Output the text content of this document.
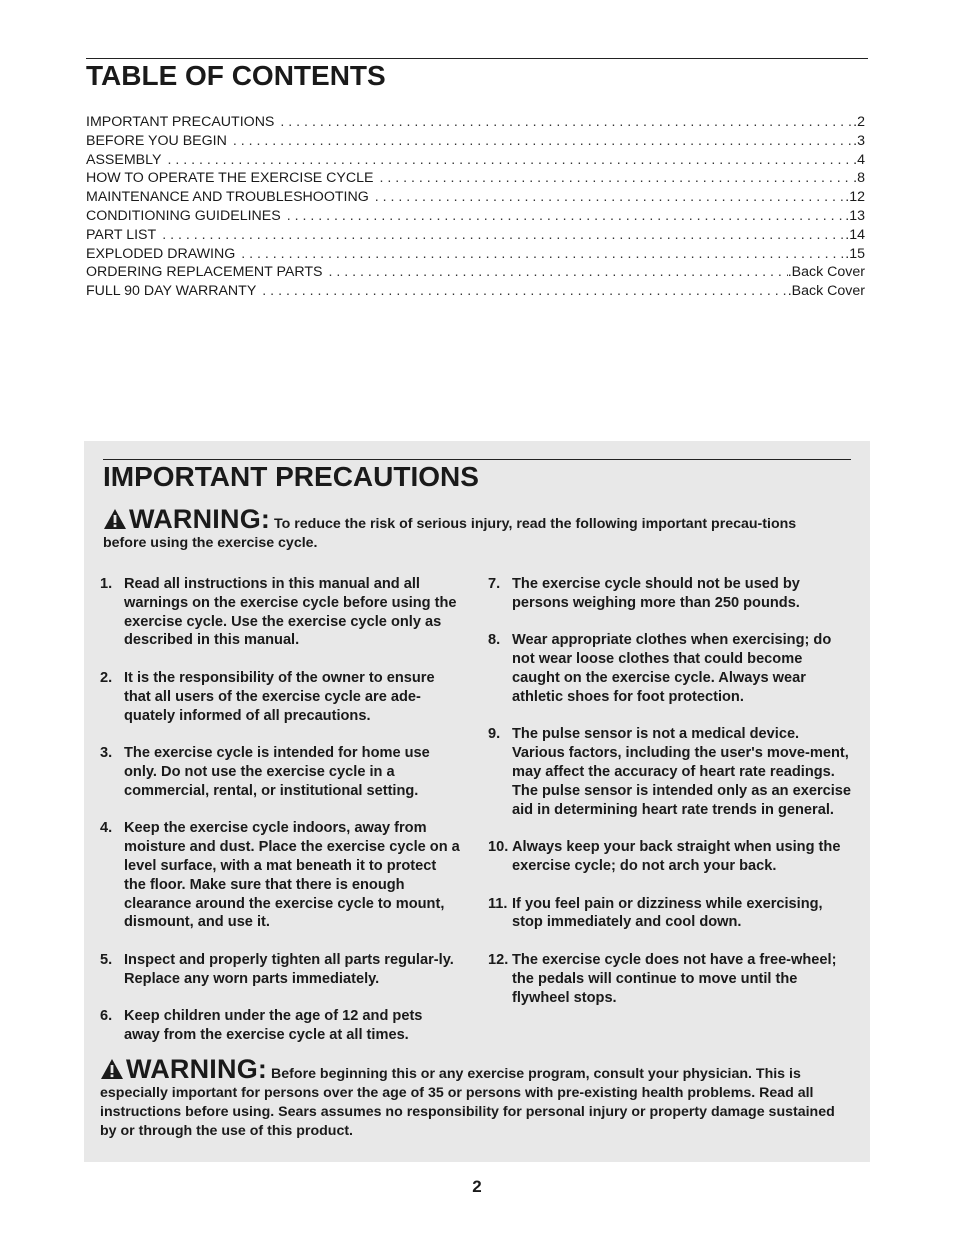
TABLE OF CONTENTS
IMPORTANT PRECAUTIONS . . .	.2
BEFORE YOU BEGIN . . .	.3
ASSEMBLY . . .	.4
HOW TO OPERATE THE EXERCISE CYCLE . . .	.8
MAINTENANCE AND TROUBLESHOOTING . . .	.12
CONDITIONING GUIDELINES . . .	.13
PART LIST . . .	.14
EXPLODED DRAWING . . .	.15
ORDERING REPLACEMENT PARTS . . .	.Back Cover
FULL 90 DAY WARRANTY . . .	.Back Cover
IMPORTANT PRECAUTIONS
WARNING: To reduce the risk of serious injury, read the following important precau-tions before using the exercise cycle.
1. Read all instructions in this manual and all warnings on the exercise cycle before using the exercise cycle. Use the exercise cycle only as described in this manual.
2. It is the responsibility of the owner to ensure that all users of the exercise cycle are ade-quately informed of all precautions.
3. The exercise cycle is intended for home use only. Do not use the exercise cycle in a commercial, rental, or institutional setting.
4. Keep the exercise cycle indoors, away from moisture and dust. Place the exercise cycle on a level surface, with a mat beneath it to protect the floor. Make sure that there is enough clearance around the exercise cycle to mount, dismount, and use it.
5. Inspect and properly tighten all parts regular-ly. Replace any worn parts immediately.
6. Keep children under the age of 12 and pets away from the exercise cycle at all times.
7. The exercise cycle should not be used by persons weighing more than 250 pounds.
8. Wear appropriate clothes when exercising; do not wear loose clothes that could become caught on the exercise cycle. Always wear athletic shoes for foot protection.
9. The pulse sensor is not a medical device. Various factors, including the user's move-ment, may affect the accuracy of heart rate readings. The pulse sensor is intended only as an exercise aid in determining heart rate trends in general.
10. Always keep your back straight when using the exercise cycle; do not arch your back.
11. If you feel pain or dizziness while exercising, stop immediately and cool down.
12. The exercise cycle does not have a free-wheel; the pedals will continue to move until the flywheel stops.
WARNING: Before beginning this or any exercise program, consult your physician. This is especially important for persons over the age of 35 or persons with pre-existing health problems. Read all instructions before using. Sears assumes no responsibility for personal injury or property damage sustained by or through the use of this product.
2
